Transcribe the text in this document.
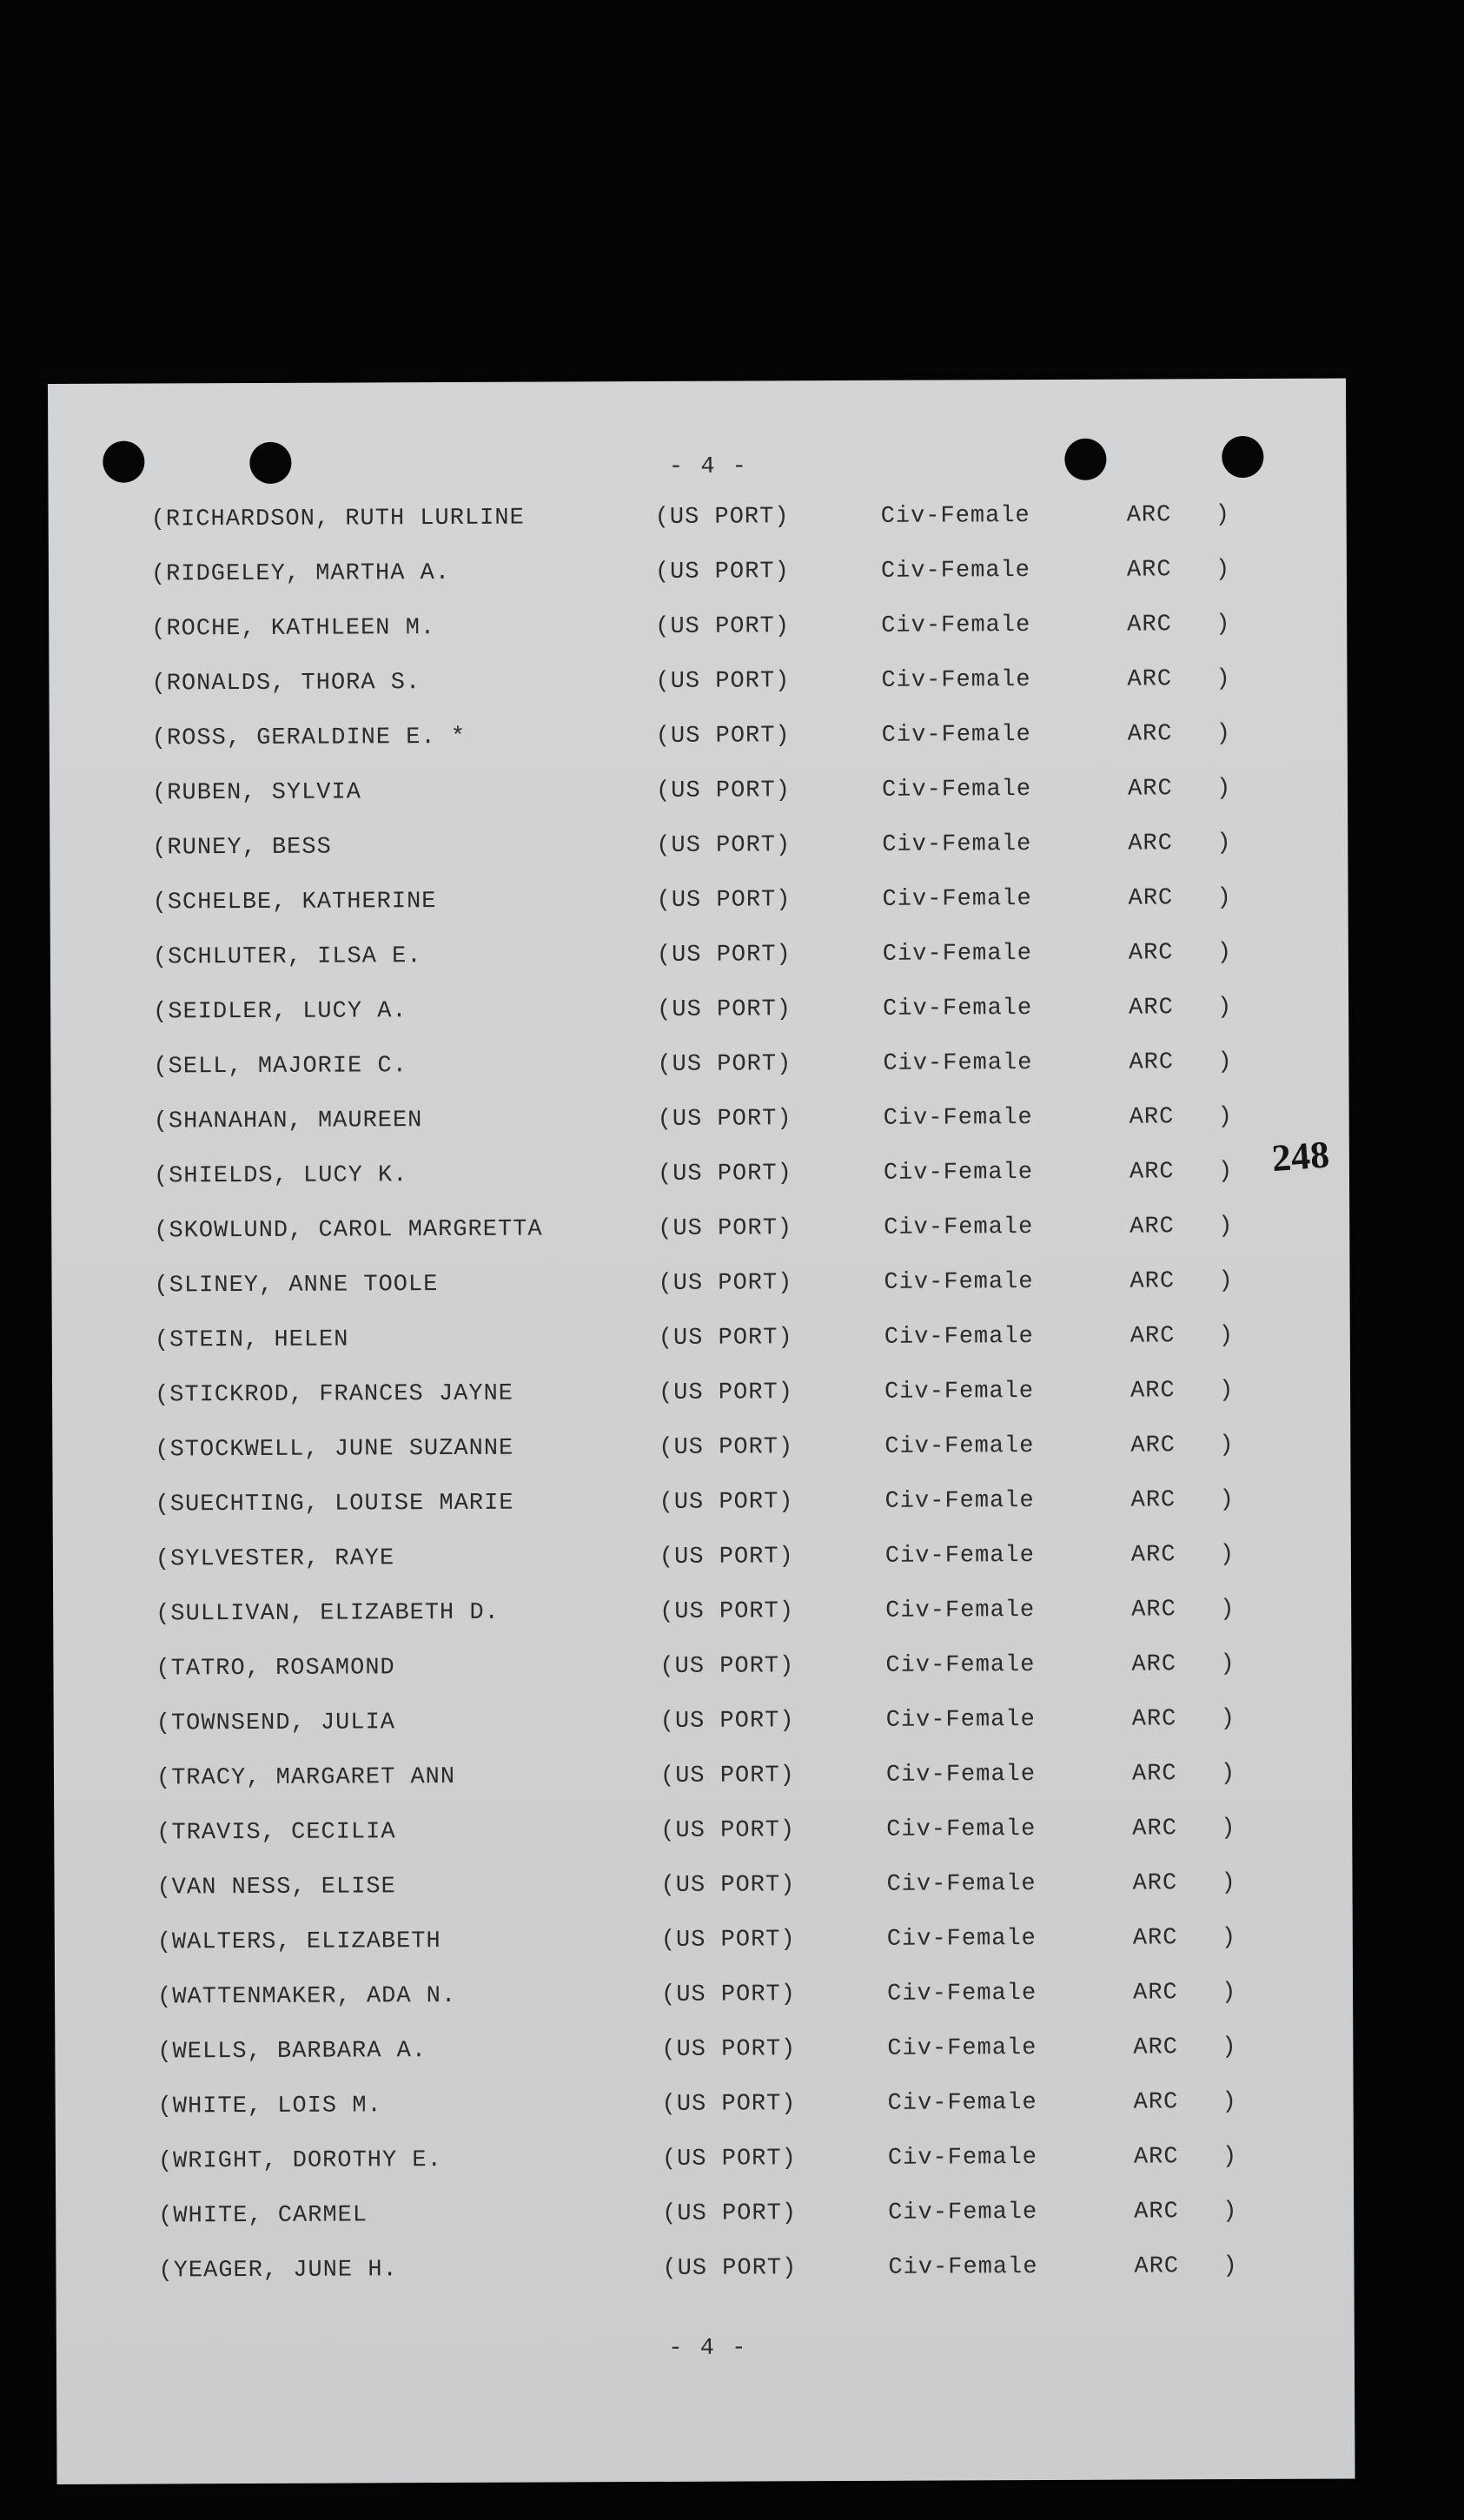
- 4 -
(RICHARDSON, RUTH LURLINE	(US PORT)	Civ-Female	ARC )
(RIDGELEY, MARTHA A.	(US PORT)	Civ-Female	ARC )
(ROCHE, KATHLEEN M.	(US PORT)	Civ-Female	ARC )
(RONALDS, THORA S.	(US PORT)	Civ-Female	ARC )
(ROSS, GERALDINE E. *	(US PORT)	Civ-Female	ARC )
(RUBEN, SYLVIA	(US PORT)	Civ-Female	ARC )
(RUNEY, BESS	(US PORT)	Civ-Female	ARC )
(SCHELBE, KATHERINE	(US PORT)	Civ-Female	ARC )
(SCHLUTER, ILSA E.	(US PORT)	Civ-Female	ARC )
(SEIDLER, LUCY A.	(US PORT)	Civ-Female	ARC )
(SELL, MAJORIE C.	(US PORT)	Civ-Female	ARC )
(SHANAHAN, MAUREEN	(US PORT)	Civ-Female	ARC )
(SHIELDS, LUCY K.	(US PORT)	Civ-Female	ARC )
(SKOWLUND, CAROL MARGRETTA	(US PORT)	Civ-Female	ARC )
(SLINEY, ANNE TOOLE	(US PORT)	Civ-Female	ARC )
(STEIN, HELEN	(US PORT)	Civ-Female	ARC )
(STICKROD, FRANCES JAYNE	(US PORT)	Civ-Female	ARC )
(STOCKWELL, JUNE SUZANNE	(US PORT)	Civ-Female	ARC )
(SUECHTING, LOUISE MARIE	(US PORT)	Civ-Female	ARC )
(SYLVESTER, RAYE	(US PORT)	Civ-Female	ARC )
(SULLIVAN, ELIZABETH D.	(US PORT)	Civ-Female	ARC )
(TATRO, ROSAMOND	(US PORT)	Civ-Female	ARC )
(TOWNSEND, JULIA	(US PORT)	Civ-Female	ARC )
(TRACY, MARGARET ANN	(US PORT)	Civ-Female	ARC )
(TRAVIS, CECILIA	(US PORT)	Civ-Female	ARC )
(VAN NESS, ELISE	(US PORT)	Civ-Female	ARC )
(WALTERS, ELIZABETH	(US PORT)	Civ-Female	ARC )
(WATTENMAKER, ADA N.	(US PORT)	Civ-Female	ARC )
(WELLS, BARBARA A.	(US PORT)	Civ-Female	ARC )
(WHITE, LOIS M.	(US PORT)	Civ-Female	ARC )
(WRIGHT, DOROTHY E.	(US PORT)	Civ-Female	ARC )
(WHITE, CARMEL	(US PORT)	Civ-Female	ARC )
(YEAGER, JUNE H.	(US PORT)	Civ-Female	ARC )
248
- 4 -
